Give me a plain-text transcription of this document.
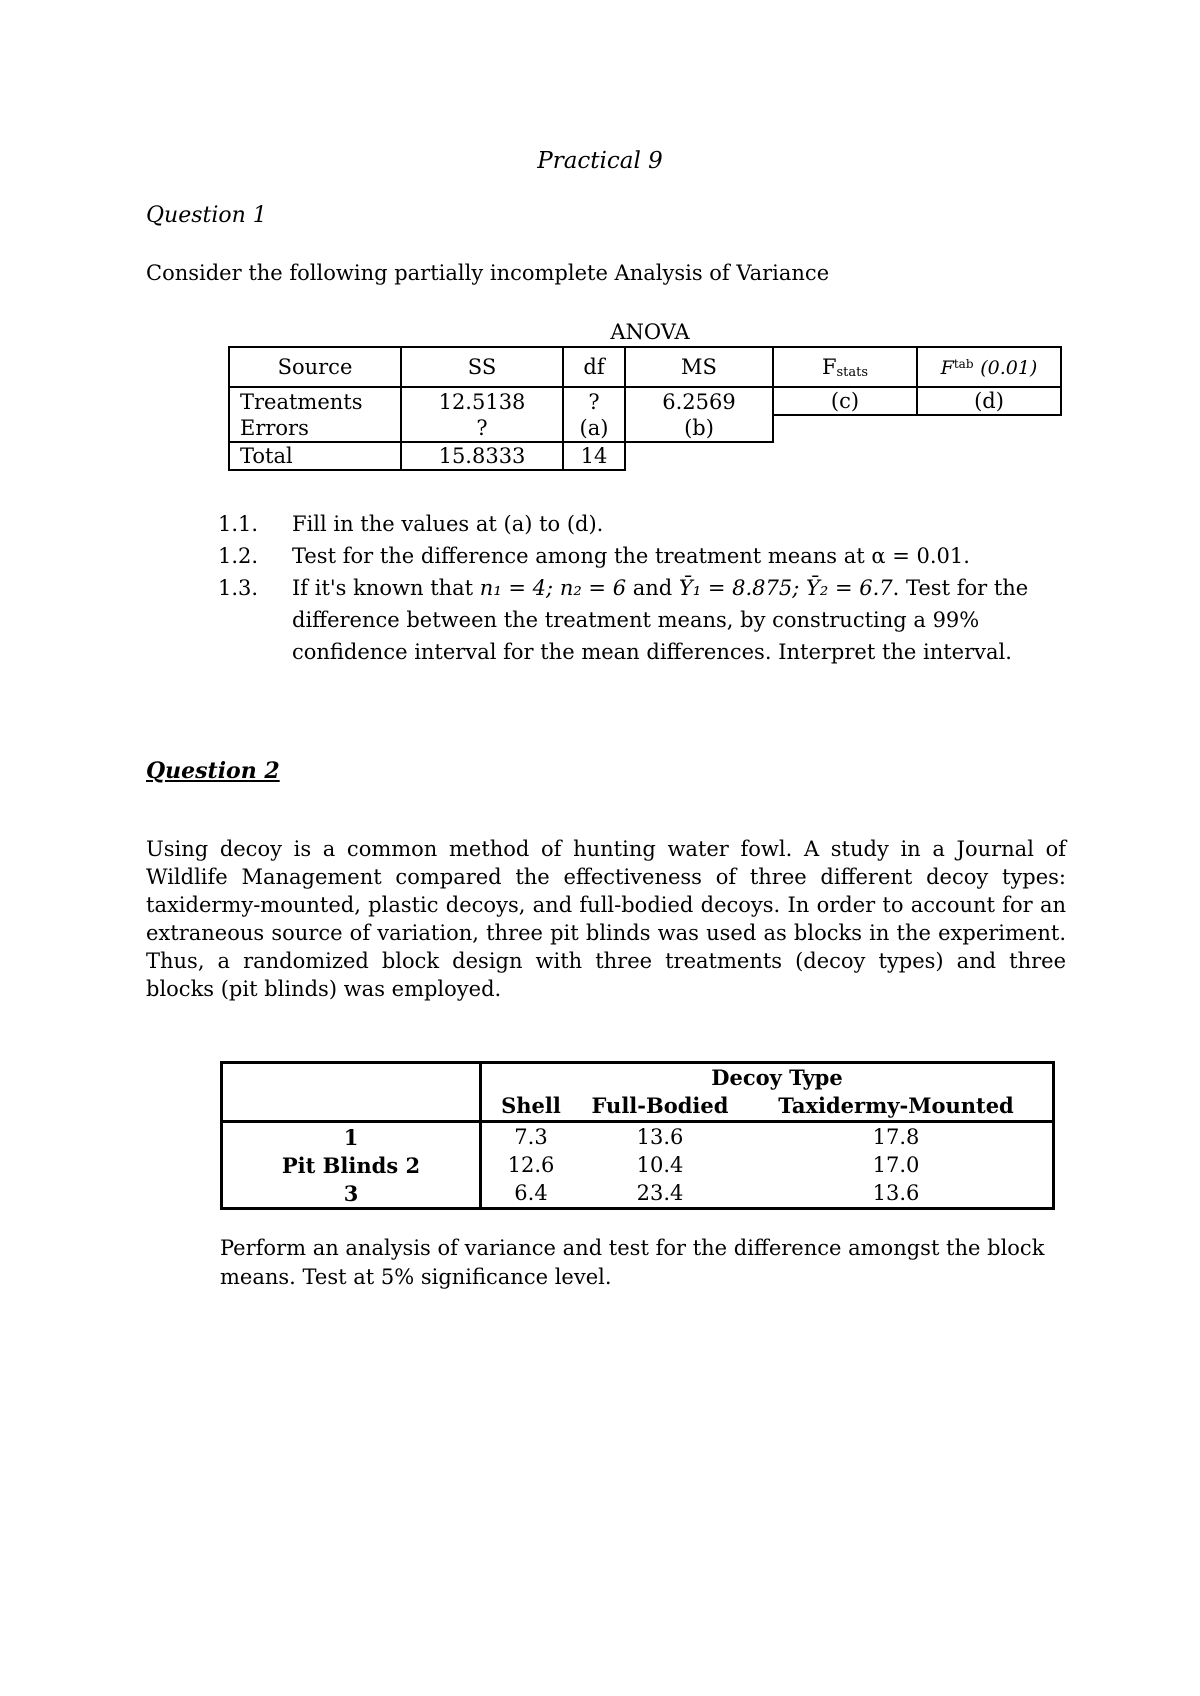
Practical 9
Question 1
Consider the following partially incomplete Analysis of Variance
ANOVA
Source	SS	df	MS	Fstats	$F^{tab}$ (0.01)
Treatments	12.5138	?	6.2569	(c)	(d)
Errors	?	(a)	(b)		
Total	15.8333	14			
1.1.	Fill in the values at (a) to (d).
1.2.	Test for the difference among the treatment means at α = 0.01.
1.3.	If it's known that n₁ = 4; n₂ = 6 and Ȳ₁ = 8.875; Ȳ₂ = 6.7. Test for the difference between the treatment means, by constructing a 99% confidence interval for the mean differences. Interpret the interval.
Question 2
Using decoy is a common method of hunting water fowl. A study in a Journal of Wildlife Management compared the effectiveness of three different decoy types: taxidermy-mounted, plastic decoys, and full-bodied decoys. In order to account for an extraneous source of variation, three pit blinds was used as blocks in the experiment. Thus, a randomized block design with three treatments (decoy types) and three blocks (pit blinds) was employed.

	Decoy Type
Shell Full-Bodied Taxidermy-Mounted

1	7.3 13.6 17.8

Pit Blinds 2	12.6 10.4 17.0

3	6.4 23.4 13.6
Perform an analysis of variance and test for the difference amongst the block means. Test at 5% significance level.
